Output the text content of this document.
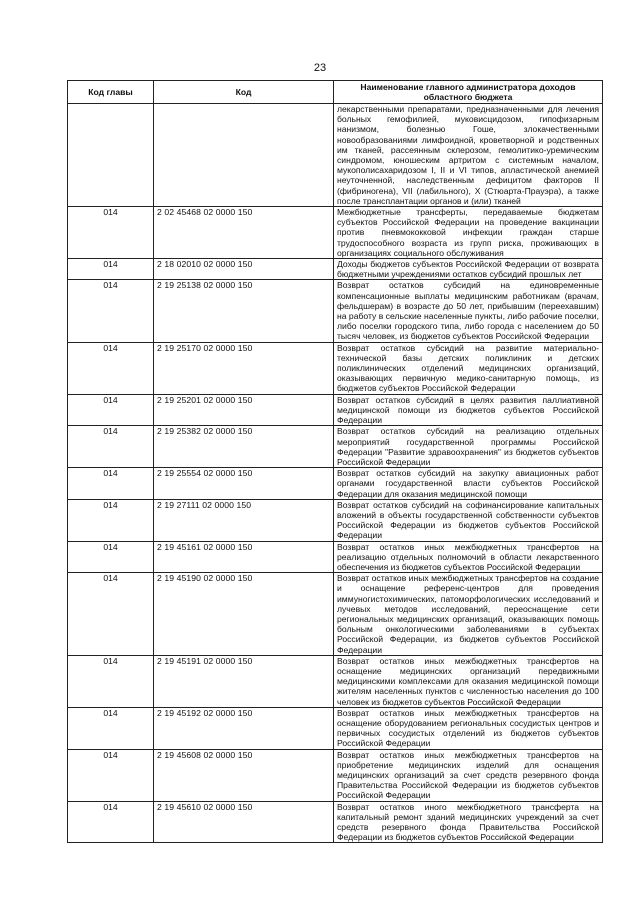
23
Код главы	Код	Наименование главного администратора доходов областного бюджета
		лекарственными препаратами, предназначенными для лечения больных гемофилией, муковисцидозом, гипофизарным нанизмом, болезнью Гоше, злокачественными новообразованиями лимфоидной, кроветворной и родственных им тканей, рассеянным склерозом, гемолитико-уремическим синдромом, юношеским артритом с системным началом, мукополисахаридозом I, II и VI типов, апластической анемией неуточненной, наследственным дефицитом факторов II (фибриногена), VII (лабильного), X (Стюарта-Прауэра), а также после трансплантации органов и (или) тканей
014	2 02 45468 02 0000 150	Межбюджетные трансферты, передаваемые бюджетам субъектов Российской Федерации на проведение вакцинации против пневмококковой инфекции граждан старше трудоспособного возраста из групп риска, проживающих в организациях социального обслуживания
014	2 18 02010 02 0000 150	Доходы бюджетов субъектов Российской Федерации от возврата бюджетными учреждениями остатков субсидий прошлых лет
014	2 19 25138 02 0000 150	Возврат остатков субсидий на единовременные компенсационные выплаты медицинским работникам (врачам, фельдшерам) в возрасте до 50 лет, прибывшим (переехавшим) на работу в сельские населенные пункты, либо рабочие поселки, либо поселки городского типа, либо города с населением до 50 тысяч человек, из бюджетов субъектов Российской Федерации
014	2 19 25170 02 0000 150	Возврат остатков субсидий на развитие материально-технической базы детских поликлиник и детских поликлинических отделений медицинских организаций, оказывающих первичную медико-санитарную помощь, из бюджетов субъектов Российской Федерации
014	2 19 25201 02 0000 150	Возврат остатков субсидий в целях развития паллиативной медицинской помощи из бюджетов субъектов Российской Федерации
014	2 19 25382 02 0000 150	Возврат остатков субсидий на реализацию отдельных мероприятий государственной программы Российской Федерации "Развитие здравоохранения" из бюджетов субъектов Российской Федерации
014	2 19 25554 02 0000 150	Возврат остатков субсидий на закупку авиационных работ органами государственной власти субъектов Российской Федерации для оказания медицинской помощи
014	2 19 27111 02 0000 150	Возврат остатков субсидий на софинансирование капитальных вложений в объекты государственной собственности субъектов Российской Федерации из бюджетов субъектов Российской Федерации
014	2 19 45161 02 0000 150	Возврат остатков иных межбюджетных трансфертов на реализацию отдельных полномочий в области лекарственного обеспечения из бюджетов субъектов Российской Федерации
014	2 19 45190 02 0000 150	Возврат остатков иных межбюджетных трансфертов на создание и оснащение референс-центров для проведения иммуногистохимических, патоморфологических исследований и лучевых методов исследований, переоснащение сети региональных медицинских организаций, оказывающих помощь больным онкологическими заболеваниями в субъектах Российской Федерации, из бюджетов субъектов Российской Федерации
014	2 19 45191 02 0000 150	Возврат остатков иных межбюджетных трансфертов на оснащение медицинских организаций передвижными медицинскими комплексами для оказания медицинской помощи жителям населенных пунктов с численностью населения до 100 человек из бюджетов субъектов Российской Федерации
014	2 19 45192 02 0000 150	Возврат остатков иных межбюджетных трансфертов на оснащение оборудованием региональных сосудистых центров и первичных сосудистых отделений из бюджетов субъектов Российской Федерации
014	2 19 45608 02 0000 150	Возврат остатков иных межбюджетных трансфертов на приобретение медицинских изделий для оснащения медицинских организаций за счет средств резервного фонда Правительства Российской Федерации из бюджетов субъектов Российской Федерации
014	2 19 45610 02 0000 150	Возврат остатков иного межбюджетного трансферта на капитальный ремонт зданий медицинских учреждений за счет средств резервного фонда Правительства Российской Федерации из бюджетов субъектов Российской Федерации
